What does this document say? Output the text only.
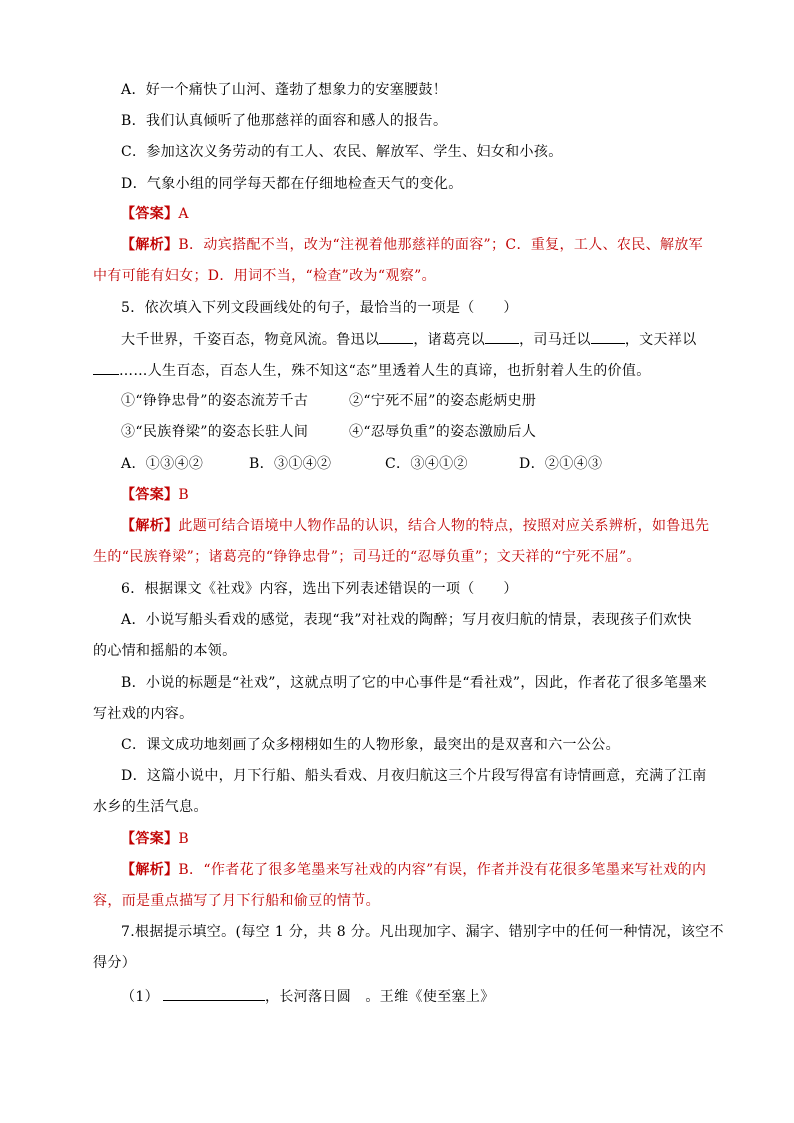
A．好一个痛快了山河、蓬勃了想象力的安塞腰鼓！
B．我们认真倾听了他那慈祥的面容和感人的报告。
C．参加这次义务劳动的有工人、农民、解放军、学生、妇女和小孩。
D．气象小组的同学每天都在仔细地检查天气的变化。
【答案】A
【解析】B．动宾搭配不当，改为“注视着他那慈祥的面容”；C．重复，工人、农民、解放军
中有可能有妇女；D．用词不当，“检查”改为“观察”。
5．依次填入下列文段画线处的句子，最恰当的一项是（　　）
大千世界，千姿百态，物竟风流。鲁迅以 ，诸葛亮以 ，司马迁以 ，文天祥以
……人生百态，百态人生，殊不知这“态”里透着人生的真谛，也折射着人生的价值。
①“铮铮忠骨”的姿态流芳千古	②“宁死不屈”的姿态彪炳史册
③“民族脊梁”的姿态长驻人间	④“忍辱负重”的姿态激励后人
A．①③④②	B．③①④②	C．③④①②	D．②①④③
【答案】B
【解析】此题可结合语境中人物作品的认识，结合人物的特点，按照对应关系辨析，如鲁迅先
生的“民族脊梁”；诸葛亮的“铮铮忠骨”；司马迁的“忍辱负重”；文天祥的“宁死不屈”。
6．根据课文《社戏》内容，选出下列表述错误的一项（　　）
A．小说写船头看戏的感觉，表现“我”对社戏的陶醉；写月夜归航的情景，表现孩子们欢快
的心情和摇船的本领。
B．小说的标题是“社戏”，这就点明了它的中心事件是“看社戏”，因此，作者花了很多笔墨来
写社戏的内容。
C．课文成功地刻画了众多栩栩如生的人物形象，最突出的是双喜和六一公公。
D．这篇小说中，月下行船、船头看戏、月夜归航这三个片段写得富有诗情画意，充满了江南
水乡的生活气息。
【答案】B
【解析】B．“作者花了很多笔墨来写社戏的内容”有误，作者并没有花很多笔墨来写社戏的内
容，而是重点描写了月下行船和偷豆的情节。
7.根据提示填空。(每空 1 分，共 8 分。凡出现加字、漏字、错别字中的任何一种情况，该空不
得分）
（1）	，长河落日圆　。王维《使至塞上》
